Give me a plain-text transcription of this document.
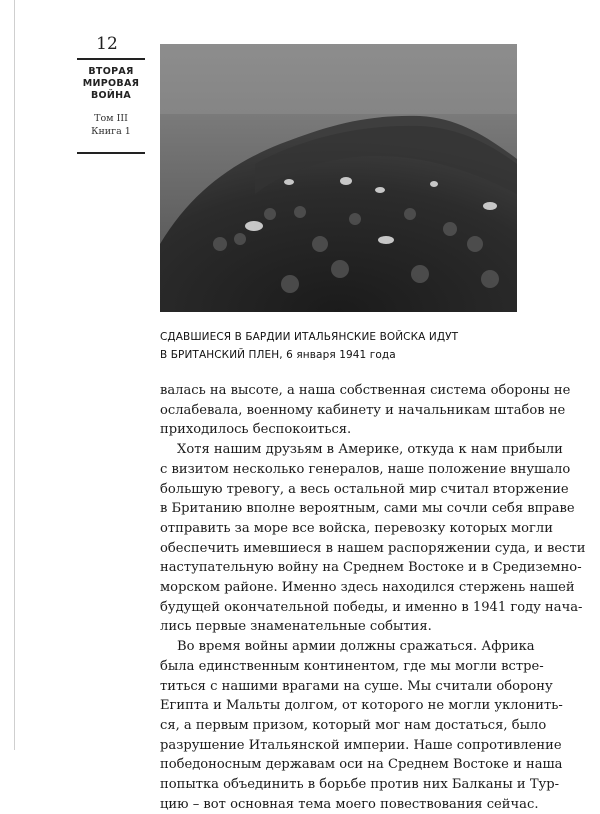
12
ВТОРАЯ
МИРОВАЯ
ВОЙНА
Том III
Книга 1
СДАВШИЕСЯ В БАРДИИ ИТАЛЬЯНСКИЕ ВОЙСКА ИДУТ
В БРИТАНСКИЙ ПЛЕН, 6 января 1941 года
валась на высоте, а наша собственная система обороны не
ослабевала, военному кабинету и начальникам штабов не
приходилось беспокоиться.
Хотя нашим друзьям в Америке, откуда к нам прибыли
с визитом несколько генералов, наше положение внушало
большую тревогу, а весь остальной мир считал вторжение
в Британию вполне вероятным, сами мы сочли себя вправе
отправить за море все войска, перевозку которых могли
обеспечить имевшиеся в нашем распоряжении суда, и вести
наступательную войну на Среднем Востоке и в Средиземно-
морском районе. Именно здесь находился стержень нашей
будущей окончательной победы, и именно в 1941 году нача-
лись первые знаменательные события.
Во время войны армии должны сражаться. Африка
была единственным континентом, где мы могли встре-
титься с нашими врагами на суше. Мы считали оборону
Египта и Мальты долгом, от которого не могли уклонить-
ся, а первым призом, который мог нам достаться, было
разрушение Итальянской империи. Наше сопротивление
победоносным державам оси на Среднем Востоке и наша
попытка объединить в борьбе против них Балканы и Тур-
цию – вот основная тема моего повествования сейчас.
